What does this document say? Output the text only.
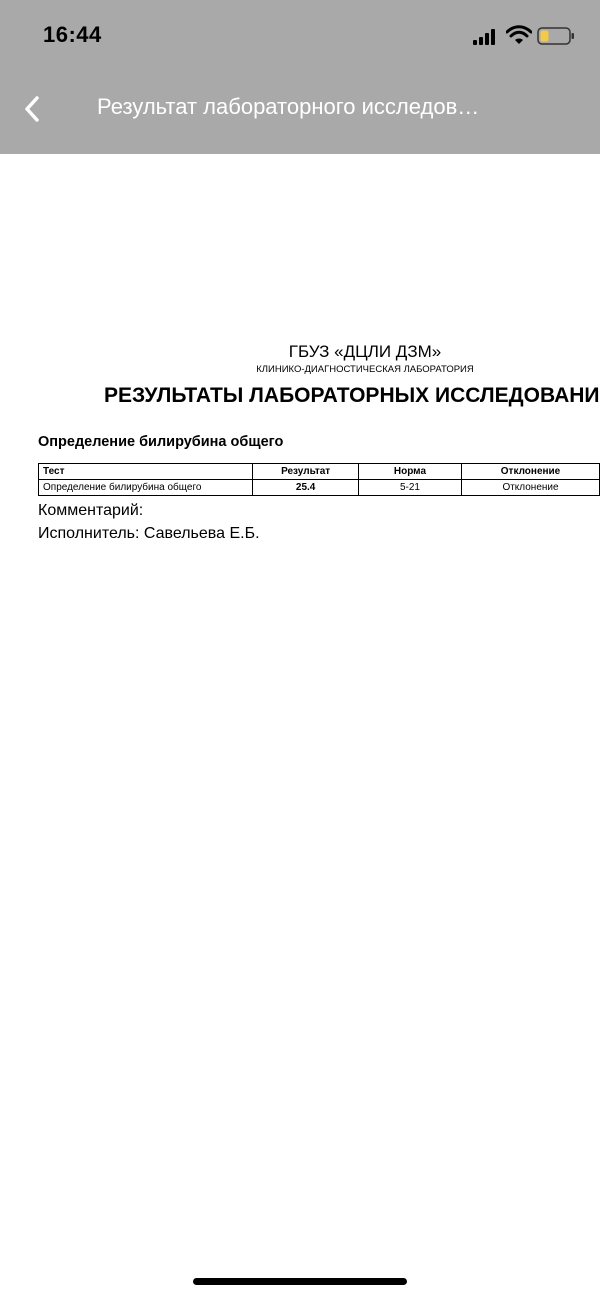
16:44
Результат лабораторного исследов…
ГБУЗ «ДЦЛИ ДЗМ»
КЛИНИКО-ДИАГНОСТИЧЕСКАЯ ЛАБОРАТОРИЯ
РЕЗУЛЬТАТЫ ЛАБОРАТОРНЫХ ИССЛЕДОВАНИ
Определение билирубина общего
Тест	Результат	Норма	Отклонение
Определение билирубина общего	25.4	5-21	Отклонение
Комментарий:
Исполнитель: Савельева Е.Б.
